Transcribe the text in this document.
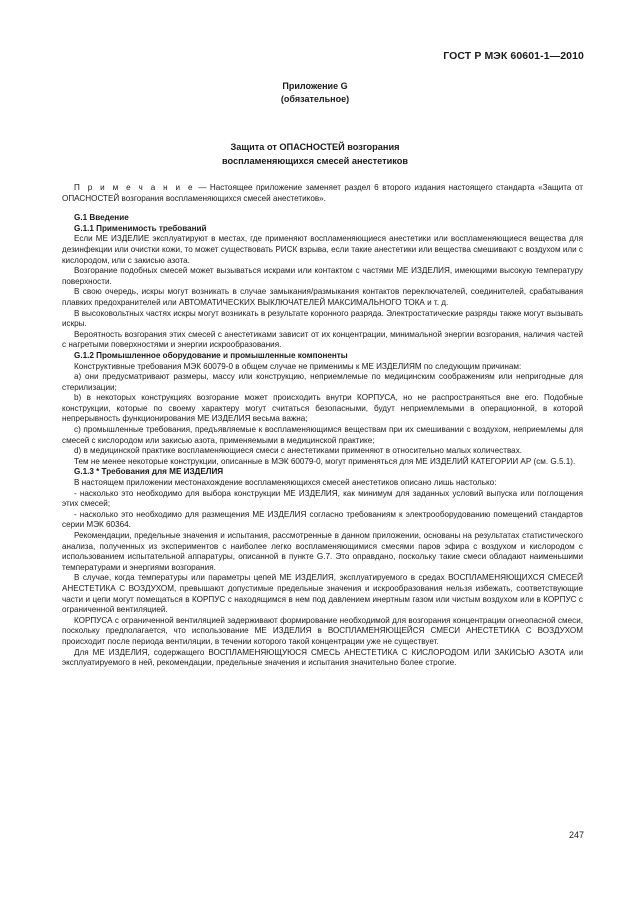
ГОСТ Р МЭК 60601-1—2010
Приложение G
(обязательное)
Защита от ОПАСНОСТЕЙ возгорания
воспламеняющихся смесей анестетиков

П р и м е ч а н и е — Настоящее приложение заменяет раздел 6 второго издания настоящего стандарта «Защита от ОПАСНОСТЕЙ возгорания воспламеняющихся смесей анестетиков».

G.1 Введение

G.1.1 Применимость требований

Если МЕ ИЗДЕЛИЕ эксплуатируют в местах, где применяют воспламеняющиеся анестетики или воспламеняющиеся вещества для дезинфекции или очистки кожи, то может существовать РИСК взрыва, если такие анестетики или вещества смешивают с воздухом или с кислородом, или с закисью азота.

Возгорание подобных смесей может вызываться искрами или контактом с частями МЕ ИЗДЕЛИЯ, имеющими высокую температуру поверхности.

В свою очередь, искры могут возникать в случае замыкания/размыкания контактов переключателей, соединителей, срабатывания плавких предохранителей или АВТОМАТИЧЕСКИХ ВЫКЛЮЧАТЕЛЕЙ МАКСИМАЛЬНОГО ТОКА и т. д.

В высоковольтных частях искры могут возникать в результате коронного разряда. Электростатические разряды также могут вызывать искры.

Вероятность возгорания этих смесей с анестетиками зависит от их концентрации, минимальной энергии возгорания, наличия частей с нагретыми поверхностями и энергии искрообразования.

G.1.2 Промышленное оборудование и промышленные компоненты

Конструктивные требования МЭК 60079-0 в общем случае не применимы к МЕ ИЗДЕЛИЯМ по следующим причинам:

a) они предусматривают размеры, массу или конструкцию, неприемлемые по медицинским соображениям или непригодные для стерилизации;

b) в некоторых конструкциях возгорание может происходить внутри КОРПУСА, но не распространяться вне его. Подобные конструкции, которые по своему характеру могут считаться безопасными, будут неприемлемыми в операционной, в которой непрерывность функционирования МЕ ИЗДЕЛИЯ весьма важна;

c) промышленные требования, предъявляемые к воспламеняющимся веществам при их смешивании с воздухом, неприемлемы для смесей с кислородом или закисью азота, применяемыми в медицинской практике;

d) в медицинской практике воспламеняющиеся смеси с анестетиками применяют в относительно малых количествах.

Тем не менее некоторые конструкции, описанные в МЭК 60079-0, могут применяться для МЕ ИЗДЕЛИЙ КАТЕГОРИИ АР (см. G.5.1).

G.1.3 * Требования для МЕ ИЗДЕЛИЯ

В настоящем приложении местонахождение воспламеняющихся смесей анестетиков описано лишь настолько:

- насколько это необходимо для выбора конструкции МЕ ИЗДЕЛИЯ, как минимум для заданных условий выпуска или поглощения этих смесей;

- насколько это необходимо для размещения МЕ ИЗДЕЛИЯ согласно требованиям к электрооборудованию помещений стандартов серии МЭК 60364.

Рекомендации, предельные значения и испытания, рассмотренные в данном приложении, основаны на результатах статистического анализа, полученных из экспериментов с наиболее легко воспламеняющимися смесями паров эфира с воздухом и кислородом с использованием испытательной аппаратуры, описанной в пункте G.7. Это оправдано, поскольку такие смеси обладают наименьшими температурами и энергиями возгорания.

В случае, когда температуры или параметры цепей МЕ ИЗДЕЛИЯ, эксплуатируемого в средах ВОСПЛАМЕНЯЮЩИХСЯ СМЕСЕЙ АНЕСТЕТИКА С ВОЗДУХОМ, превышают допустимые предельные значения и искрообразования нельзя избежать, соответствующие части и цепи могут помещаться в КОРПУС с находящимся в нем под давлением инертным газом или чистым воздухом или в КОРПУС с ограниченной вентиляцией.

КОРПУСА с ограниченной вентиляцией задерживают формирование необходимой для возгорания концентрации огнеопасной смеси, поскольку предполагается, что использование МЕ ИЗДЕЛИЯ в ВОСПЛАМЕНЯЮЩЕЙСЯ СМЕСИ АНЕСТЕТИКА С ВОЗДУХОМ происходит после периода вентиляции, в течении которого такой концентрации уже не существует.

Для МЕ ИЗДЕЛИЯ, содержащего ВОСПЛАМЕНЯЮЩУЮСЯ СМЕСЬ АНЕСТЕТИКА С КИСЛОРОДОМ ИЛИ ЗАКИСЬЮ АЗОТА или эксплуатируемого в ней, рекомендации, предельные значения и испытания значительно более строгие.

247
